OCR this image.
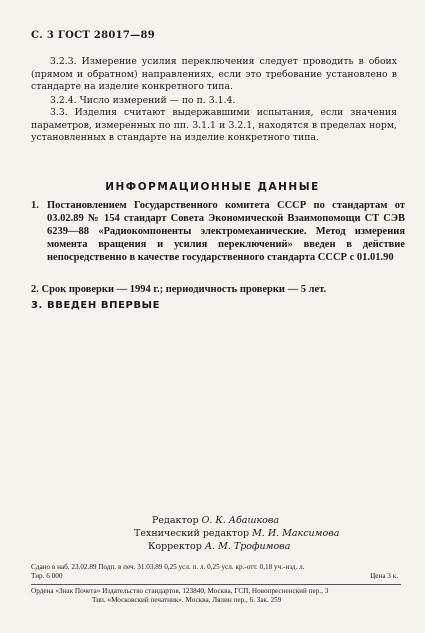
С. 3 ГОСТ 28017—89
3.2.3. Измерение усилия переключения следует проводить в обоих (прямом и обратном) направлениях, если это требование установлено в стандарте на изделие конкретного типа.
3.2.4. Число измерений — по п. 3.1.4.
3.3. Изделия считают выдержавшими испытания, если значения параметров, измеренных по пп. 3.1.1 и 3.2.1, находятся в пределах норм, установленных в стандарте на изделие конкретного типа.
ИНФОРМАЦИОННЫЕ ДАННЫЕ
1. Постановлением Государственного комитета СССР по стандартам от 03.02.89 № 154 стандарт Совета Экономической Взаимопомощи СТ СЭВ 6239—88 «Радиокомпоненты электромеханические. Метод измерения момента вращения и усилия переключений» введен в действие непосредственно в качестве государственного стандарта СССР с 01.01.90
2. Срок проверки — 1994 г.; периодичность проверки — 5 лет.
3. ВВЕДЕН ВПЕРВЫЕ
Редактор О. К. Абашкова
Технический редактор М. И. Максимова
Корректор А. М. Трофимова
Сдано в наб. 23.02.89 Подп. в печ. 31.03.89 0,25 усл. п. л. 0,25 усл. кр.-отт. 0,18 уч.-изд. л.
Тир. 6 000	Цена 3 к.
Ордена «Знак Почета» Издательство стандартов, 123840, Москва, ГСП, Новопресненский пер., 3
Тип. «Московский печатник». Москва, Лялин пер., 6. Зак. 259
